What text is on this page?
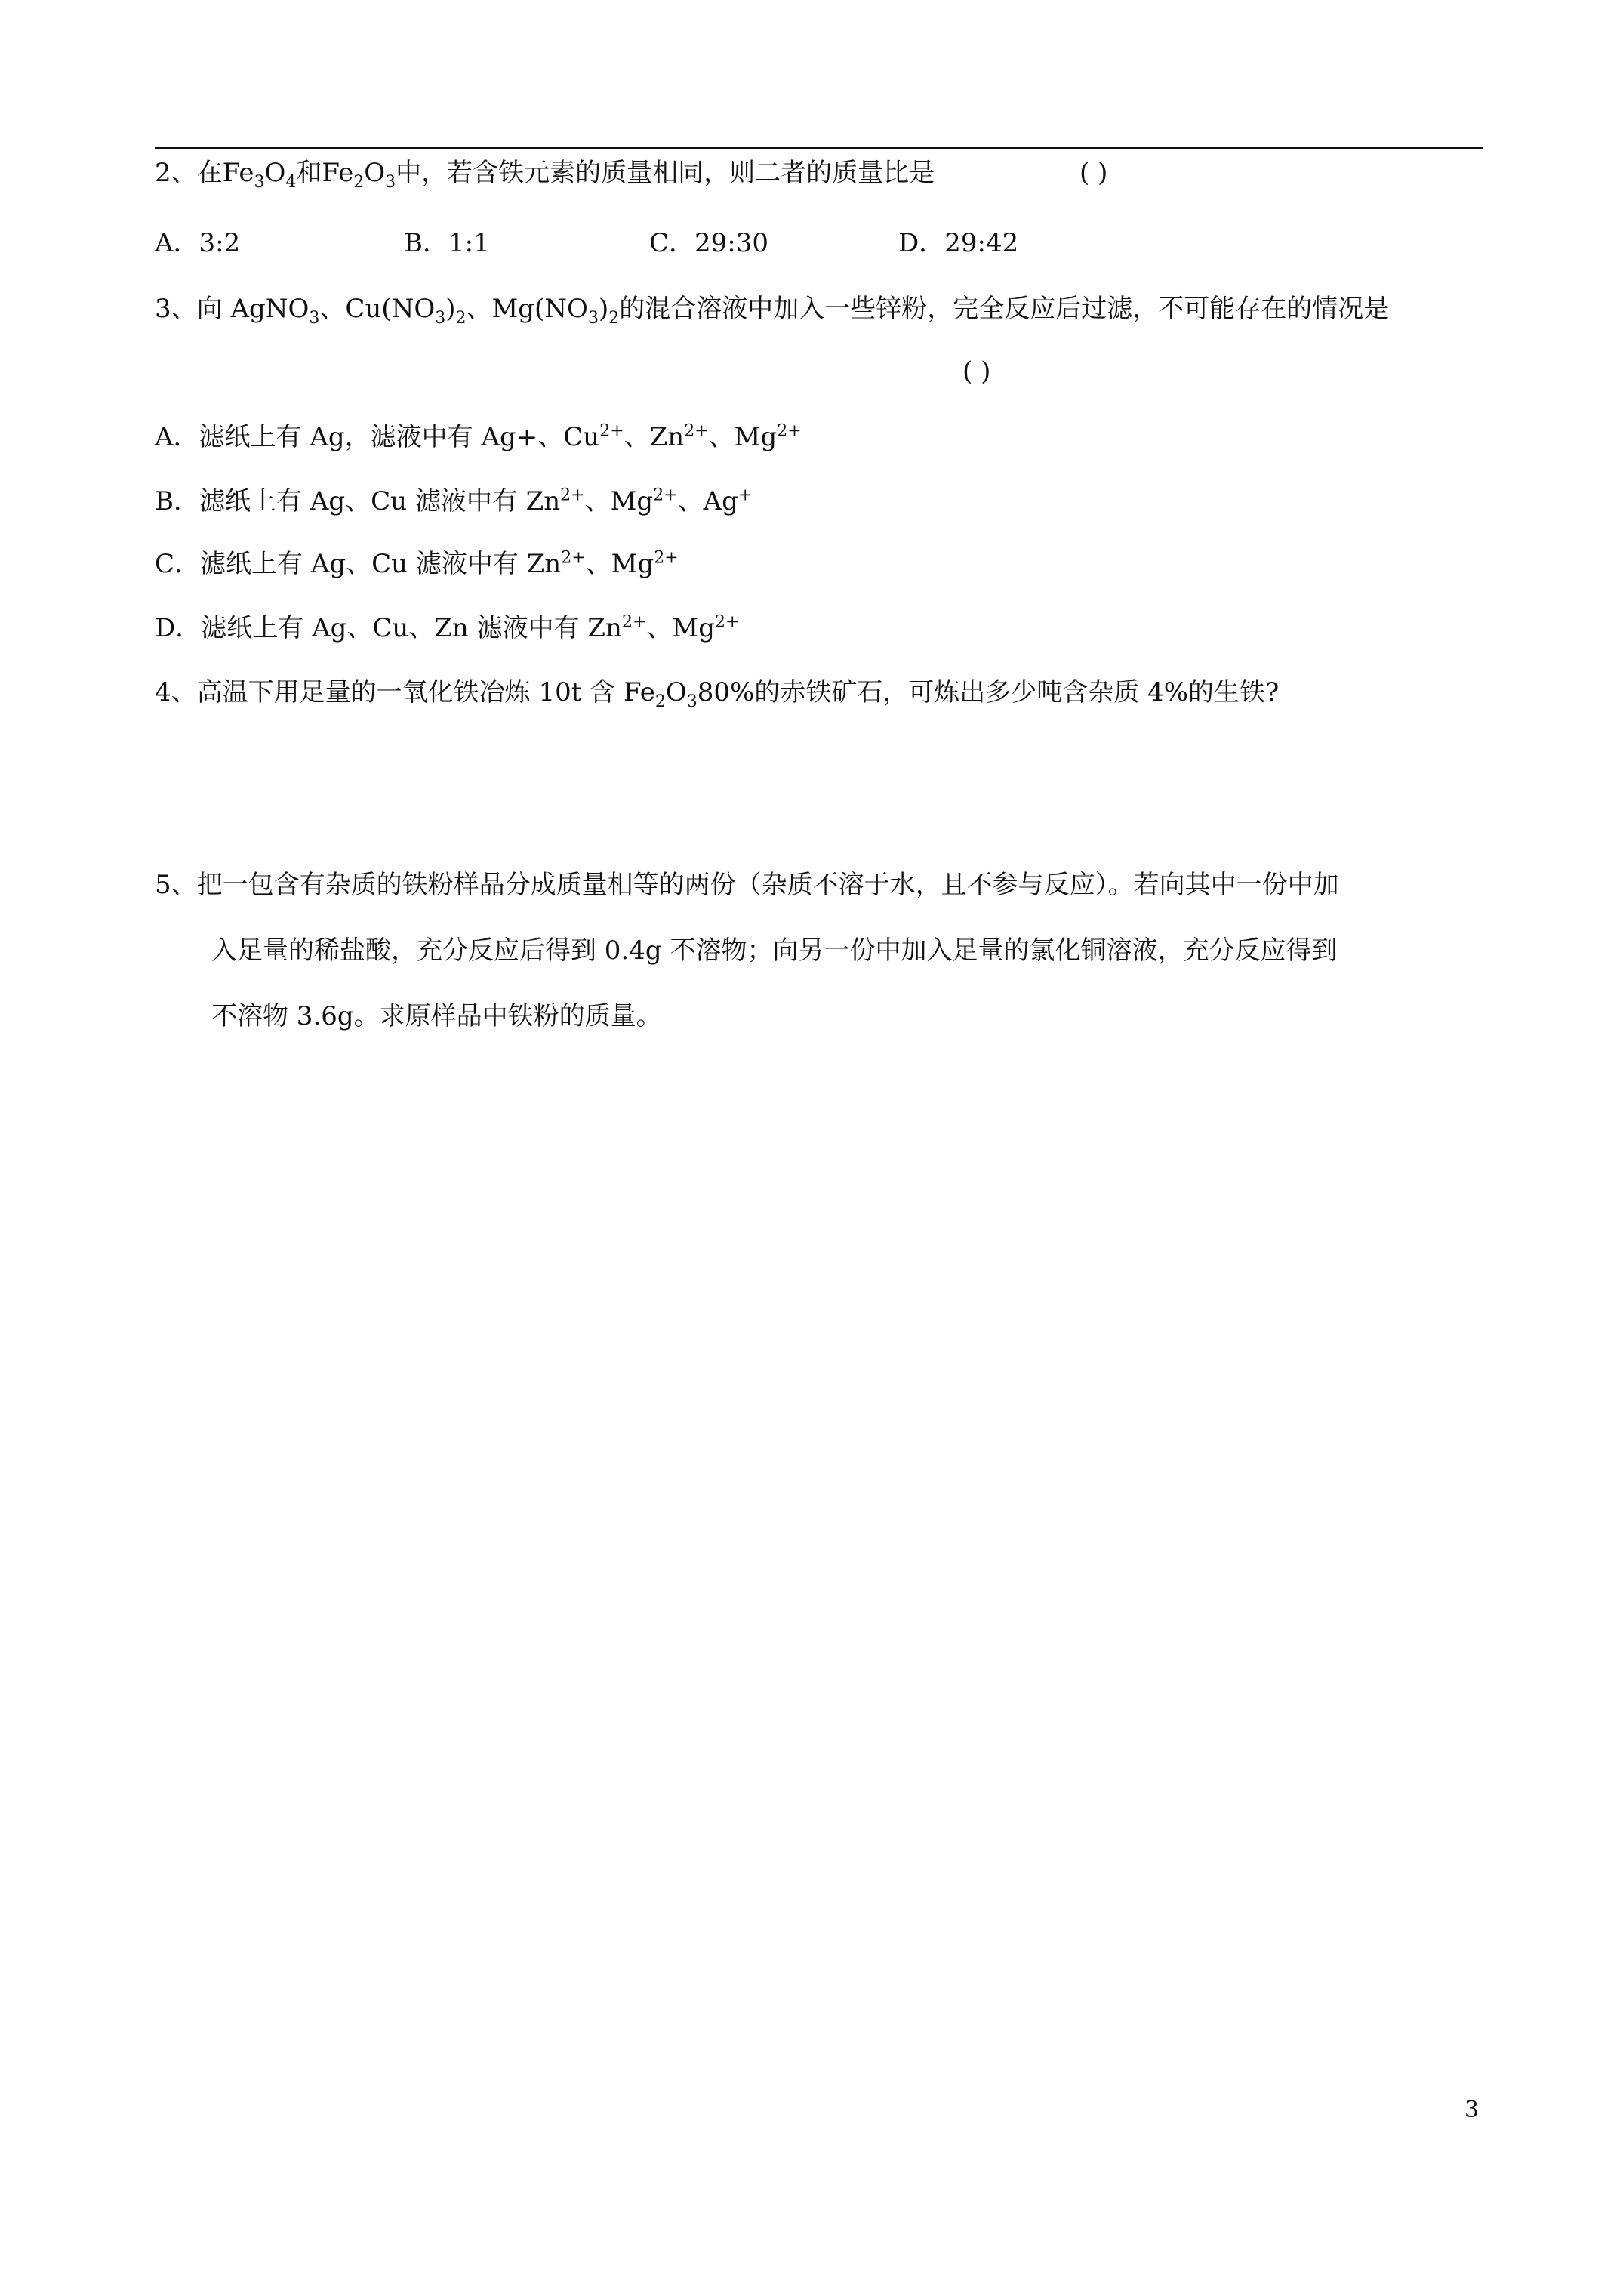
2、在$Fe_3O_4$和$Fe_2O_3$中，若含铁元素的质量相同，则二者的质量比是	( )
A．3:2	B．1:1	C．29:30	D．29:42
3、向 AgNO$_3$、$Cu(NO_3)_2$、$Mg(NO_3)_2$的混合溶液中加入一些锌粉，完全反应后过滤，不可能存在的情况是
( )
A．滤纸上有 Ag，滤液中有 Ag+、$Cu^{2+}$、$Zn^{2+}$、$Mg^{2+}$
B．滤纸上有 Ag、Cu 滤液中有 $Zn^{2+}$、$Mg^{2+}$、Ag+
C．滤纸上有 Ag、Cu 滤液中有 $Zn^{2+}$、$Mg^{2+}$
D．滤纸上有 Ag、Cu、Zn 滤液中有 $Zn^{2+}$、$Mg^{2+}$
4、高温下用足量的一氧化铁冶炼 10t 含 $Fe_2O_380\%$的赤铁矿石，可炼出多少吨含杂质 4%的生铁?
5、把一包含有杂质的铁粉样品分成质量相等的两份（杂质不溶于水，且不参与反应）。若向其中一份中加
入足量的稀盐酸，充分反应后得到 0.4g 不溶物；向另一份中加入足量的氯化铜溶液，充分反应得到
不溶物 3.6g。求原样品中铁粉的质量。
3
